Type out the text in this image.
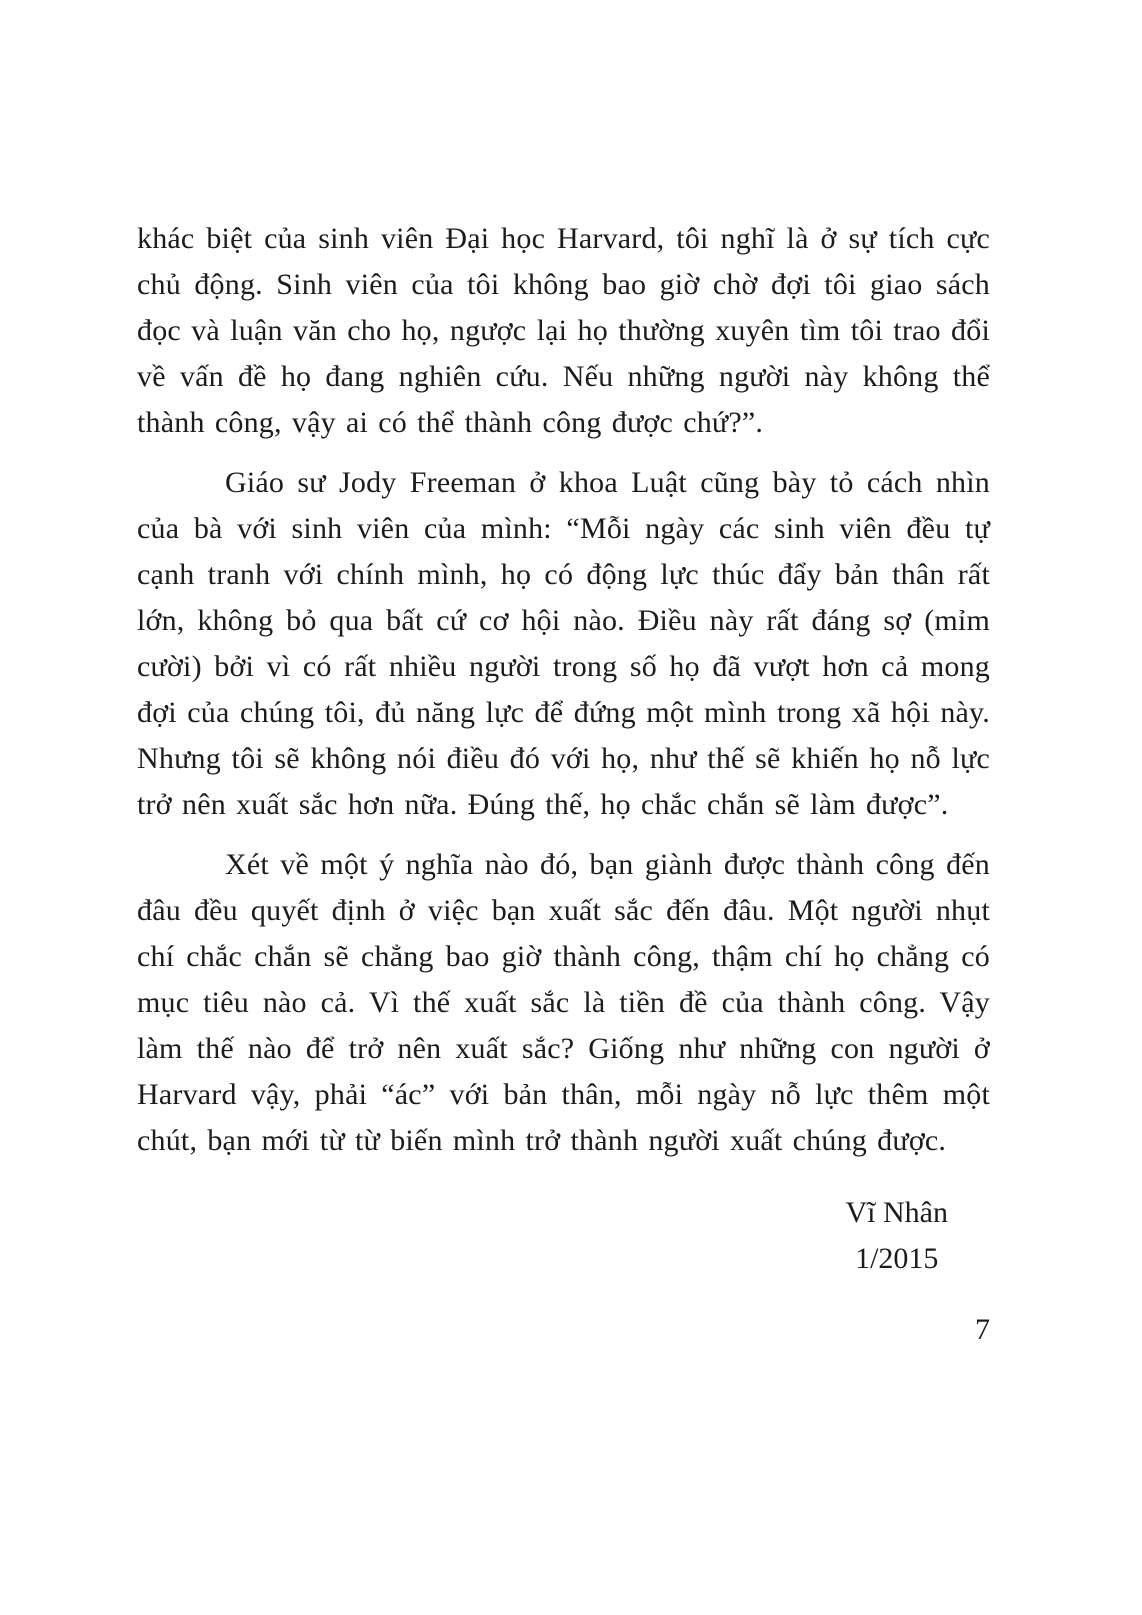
khác biệt của sinh viên Đại học Harvard, tôi nghĩ là ở sự tích cực chủ động. Sinh viên của tôi không bao giờ chờ đợi tôi giao sách đọc và luận văn cho họ, ngược lại họ thường xuyên tìm tôi trao đổi về vấn đề họ đang nghiên cứu. Nếu những người này không thể thành công, vậy ai có thể thành công được chứ?”.

Giáo sư Jody Freeman ở khoa Luật cũng bày tỏ cách nhìn của bà với sinh viên của mình: “Mỗi ngày các sinh viên đều tự cạnh tranh với chính mình, họ có động lực thúc đẩy bản thân rất lớn, không bỏ qua bất cứ cơ hội nào. Điều này rất đáng sợ (mỉm cười) bởi vì có rất nhiều người trong số họ đã vượt hơn cả mong đợi của chúng tôi, đủ năng lực để đứng một mình trong xã hội này. Nhưng tôi sẽ không nói điều đó với họ, như thế sẽ khiến họ nỗ lực trở nên xuất sắc hơn nữa. Đúng thế, họ chắc chắn sẽ làm được”.

Xét về một ý nghĩa nào đó, bạn giành được thành công đến đâu đều quyết định ở việc bạn xuất sắc đến đâu. Một người nhụt chí chắc chắn sẽ chẳng bao giờ thành công, thậm chí họ chẳng có mục tiêu nào cả. Vì thế xuất sắc là tiền đề của thành công. Vậy làm thế nào để trở nên xuất sắc? Giống như những con người ở Harvard vậy, phải “ác” với bản thân, mỗi ngày nỗ lực thêm một chút, bạn mới từ từ biến mình trở thành người xuất chúng được.

Vĩ Nhân
1/2015
7
